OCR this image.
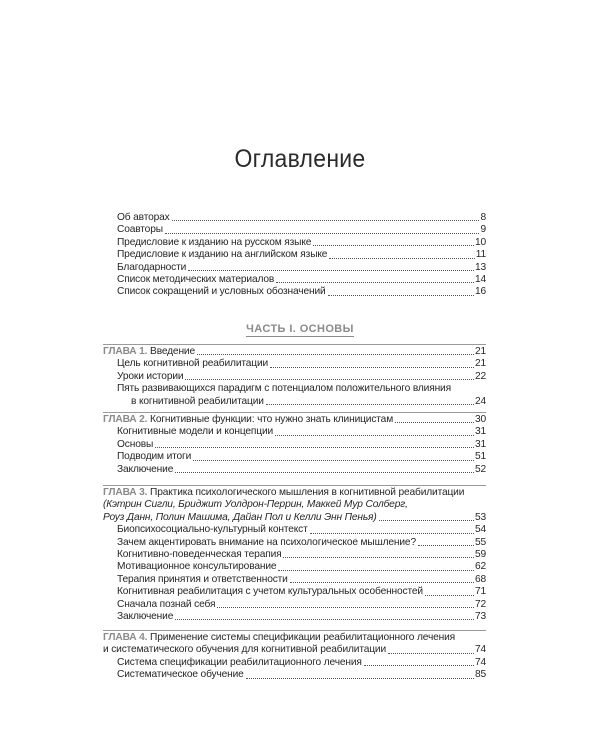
Оглавление
Об авторах	8
Соавторы	9
Предисловие к изданию на русском языке	10
Предисловие к изданию на английском языке	11
Благодарности	13
Список методических материалов	14
Список сокращений и условных обозначений	16
ЧАСТЬ I. ОСНОВЫ
ГЛАВА 1. Введение	21
Цель когнитивной реабилитации	21
Уроки истории	22
Пять развивающихся парадигм с потенциалом положительного влияния
в когнитивной реабилитации	24
ГЛАВА 2. Когнитивные функции: что нужно знать клиницистам	30
Когнитивные модели и концепции	31
Основы	31
Подводим итоги	51
Заключение	52
ГЛАВА 3. Практика психологического мышления в когнитивной реабилитации
(Кэтрин Сигли, Бриджит Уолдрон-Перрин, Маккей Мур Солберг,
Роуз Данн, Полин Машима, Дайан Пол и Келли Энн Пенья)	53
Биопсихосоциально-культурный контекст	54
Зачем акцентировать внимание на психологическое мышление?	55
Когнитивно-поведенческая терапия	59
Мотивационное консультирование	62
Терапия принятия и ответственности	68
Когнитивная реабилитация с учетом культуральных особенностей	71
Сначала познай себя	72
Заключение	73
ГЛАВА 4. Применение системы спецификации реабилитационного лечения
и систематического обучения для когнитивной реабилитации	74
Система спецификации реабилитационного лечения	74
Систематическое обучение	85
